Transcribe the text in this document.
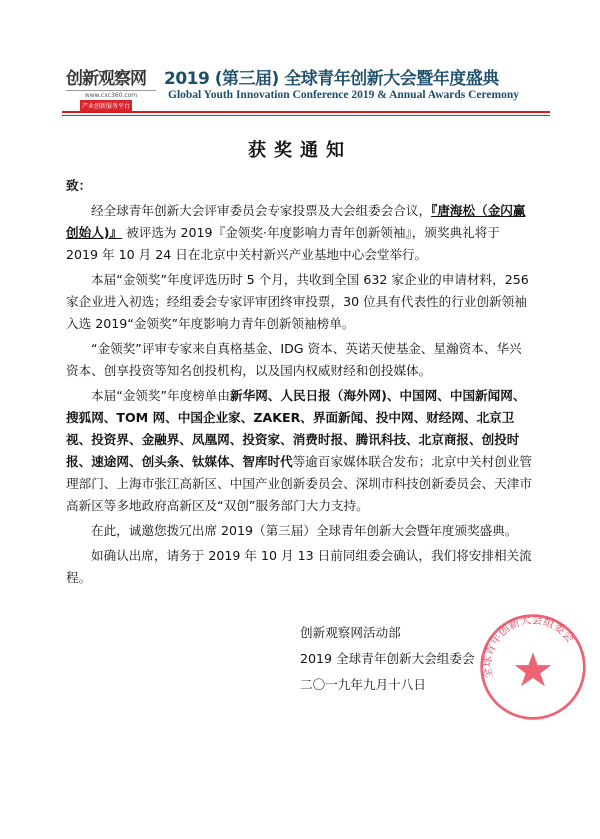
创新观察网
www.cxc360.com
产业创新服务平台
2019 (第三届) 全球青年创新大会暨年度盛典
Global Youth Innovation Conference 2019 & Annual Awards Ceremony
获奖通知

致：

经全球青年创新大会评审委员会专家投票及大会组委会合议，『唐海松（金闪赢创始人)』 被评选为 2019『金领奖·年度影响力青年创新领袖』，颁奖典礼将于 2019 年 10 月 24 日在北京中关村新兴产业基地中心会堂举行。

本届“金领奖”年度评选历时 5 个月，共收到全国 632 家企业的申请材料，256 家企业进入初选；经组委会专家评审团终审投票，30 位具有代表性的行业创新领袖入选 2019“金领奖”年度影响力青年创新领袖榜单。

“金领奖”评审专家来自真格基金、IDG 资本、英诺天使基金、星瀚资本、华兴资本、创享投资等知名创投机构，以及国内权威财经和创投媒体。

本届“金领奖”年度榜单由新华网、人民日报（海外网)、中国网、中国新闻网、搜狐网、TOM 网、中国企业家、ZAKER、界面新闻、投中网、财经网、北京卫视、投资界、金融界、凤凰网、投资家、消费时报、腾讯科技、北京商报、创投时报、速途网、创头条、钛媒体、智库时代等逾百家媒体联合发布；北京中关村创业管理部门、上海市张江高新区、中国产业创新委员会、深圳市科技创新委员会、天津市高新区等多地政府高新区及“双创”服务部门大力支持。

在此，诚邀您拨冗出席 2019（第三届）全球青年创新大会暨年度颁奖盛典。

如确认出席，请务于 2019 年 10 月 13 日前同组委会确认，我们将安排相关流程。

创新观察网活动部
2019 全球青年创新大会组委会
二〇一九年九月十八日
全球青年创新大会组委会
